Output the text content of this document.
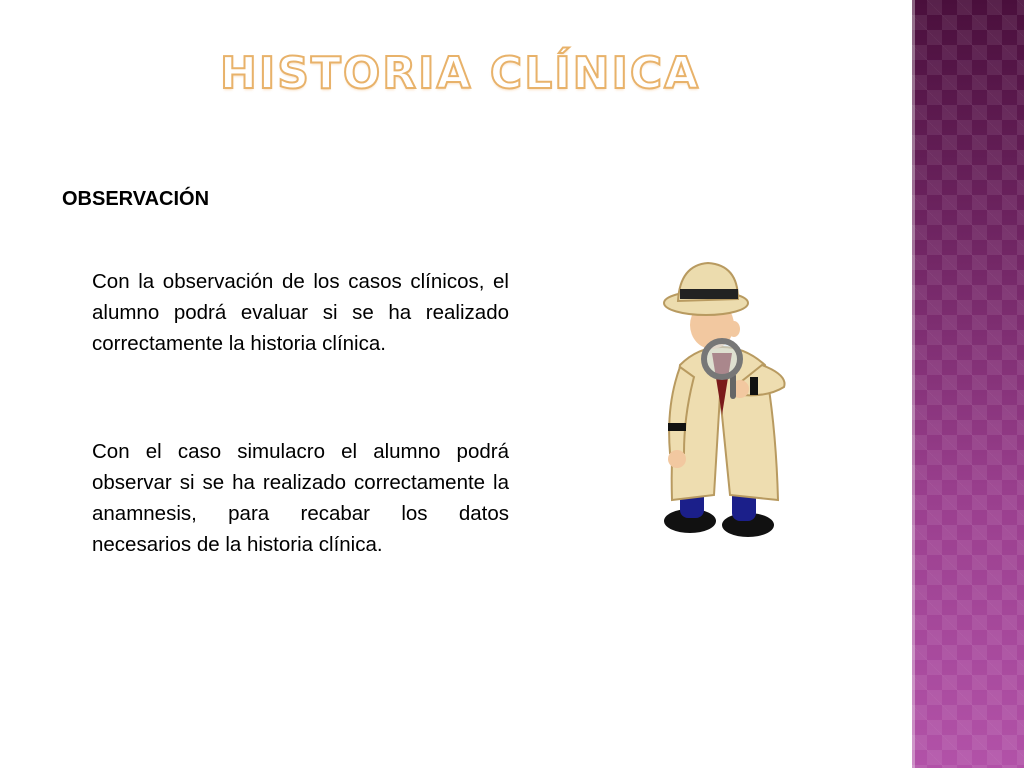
HISTORIA CLÍNICA
OBSERVACIÓN

Con la observación de los casos clínicos, el alumno podrá evaluar si se ha realizado correctamente la historia clínica.

Con el caso simulacro el alumno podrá observar si se ha realizado correctamente la anamnesis, para recabar los datos necesarios de la historia clínica.
